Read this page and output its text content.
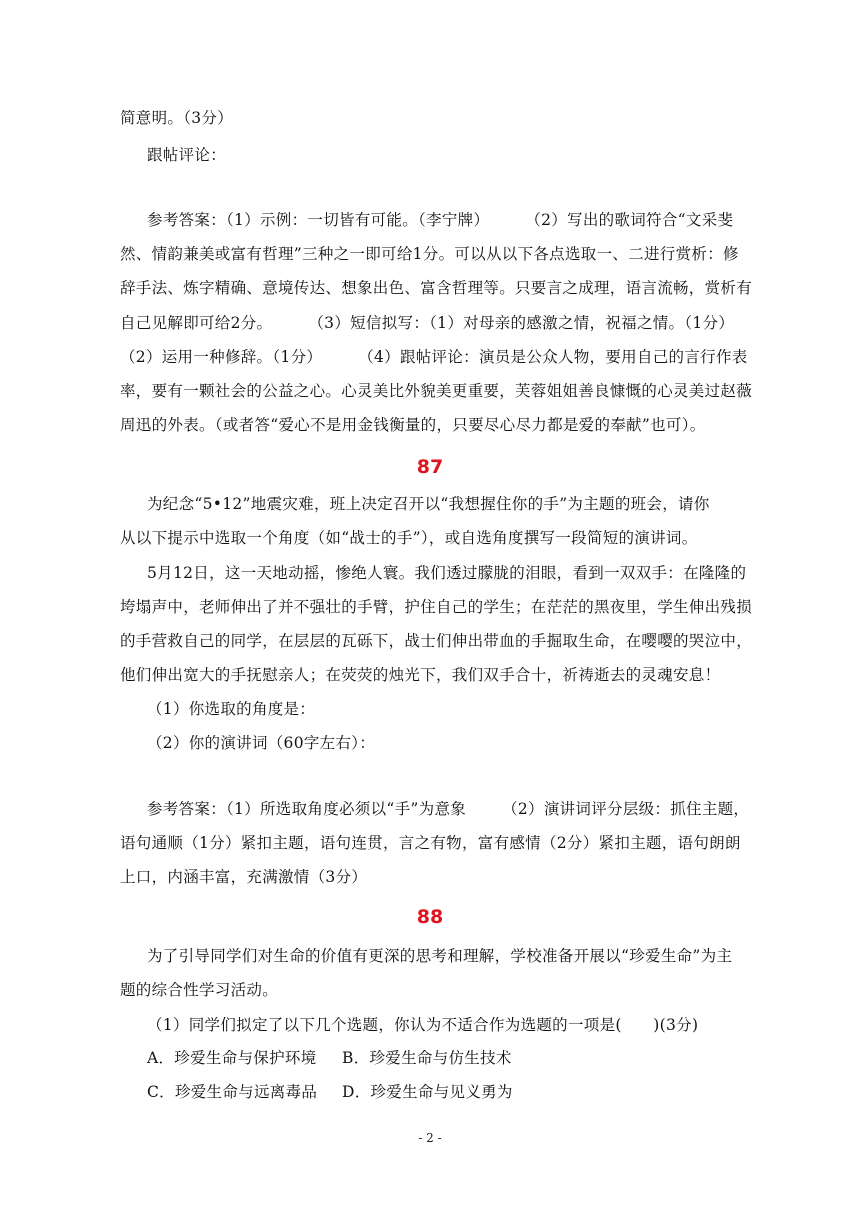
简意明。（3分）
跟帖评论：
参考答案：（1）示例：一切皆有可能。（李宁牌） （2）写出的歌词符合“文采斐
然、情韵兼美或富有哲理”三种之一即可给1分。可以从以下各点选取一、二进行赏析：修
辞手法、炼字精确、意境传达、想象出色、富含哲理等。只要言之成理，语言流畅，赏析有
自己见解即可给2分。 （3）短信拟写：（1）对母亲的感激之情，祝福之情。（1分）
（2）运用一种修辞。（1分） （4）跟帖评论：演员是公众人物，要用自己的言行作表
率，要有一颗社会的公益之心。心灵美比外貌美更重要，芙蓉姐姐善良慷慨的心灵美过赵薇
周迅的外表。（或者答“爱心不是用金钱衡量的，只要尽心尽力都是爱的奉献”也可）。
87
为纪念“5•12”地震灾难，班上决定召开以“我想握住你的手”为主题的班会，请你
从以下提示中选取一个角度（如“战士的手”），或自选角度撰写一段简短的演讲词。
5月12日，这一天地动摇，惨绝人寰。我们透过朦胧的泪眼，看到一双双手：在隆隆的
垮塌声中，老师伸出了并不强壮的手臂，护住自己的学生；在茫茫的黑夜里，学生伸出残损
的手营救自己的同学，在层层的瓦砾下，战士们伸出带血的手掘取生命，在嘤嘤的哭泣中，
他们伸出宽大的手抚慰亲人；在荧荧的烛光下，我们双手合十，祈祷逝去的灵魂安息！
（1）你选取的角度是：
（2）你的演讲词（60字左右）：
参考答案：（1）所选取角度必须以“手”为意象 （2）演讲词评分层级：抓住主题，
语句通顺（1分）紧扣主题，语句连贯，言之有物，富有感情（2分）紧扣主题，语句朗朗
上口，内涵丰富，充满激情（3分）
88
为了引导同学们对生命的价值有更深的思考和理解，学校准备开展以“珍爱生命”为主
题的综合性学习活动。
（1）同学们拟定了以下几个选题，你认为不适合作为选题的一项是(　　)(3分)
A．珍爱生命与保护环境 B．珍爱生命与仿生技术
C．珍爱生命与远离毒品 D．珍爱生命与见义勇为
- 2 -
